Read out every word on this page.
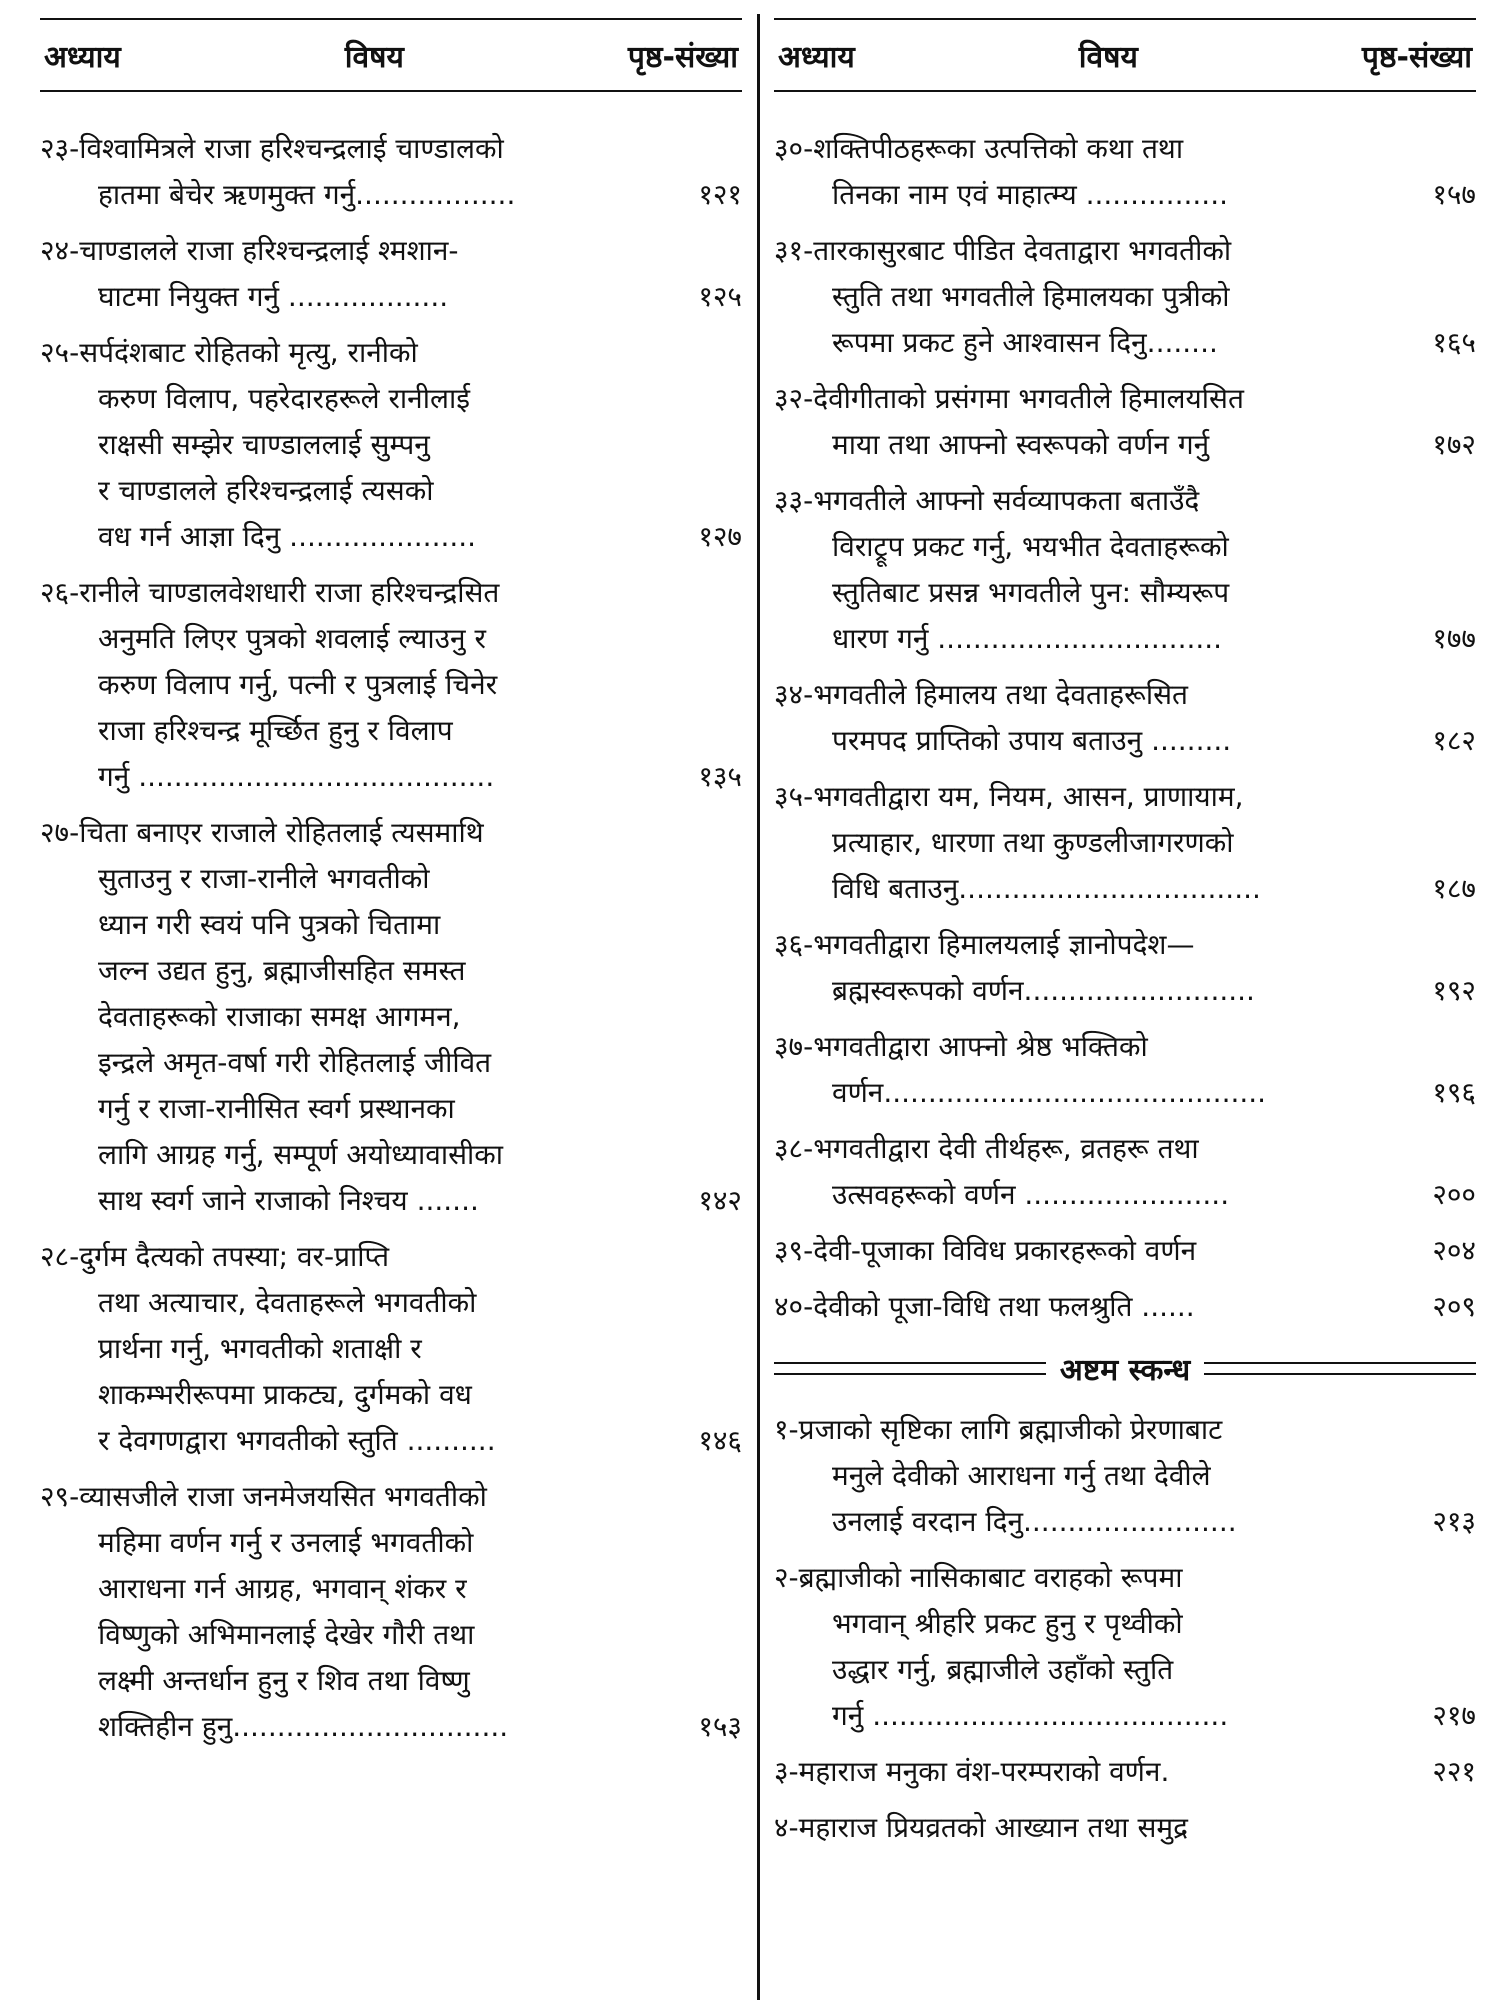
अध्याय	विषय	पृष्ठ-संख्या
२३-विश्वामित्रले राजा हरिश्चन्द्रलाई चाण्डालको
हातमा बेचेर ऋणमुक्त गर्नु..................	१२१
२४-चाण्डालले राजा हरिश्चन्द्रलाई श्मशान-
घाटमा नियुक्त गर्नु ..................	१२५
२५-सर्पदंशबाट रोहितको मृत्यु, रानीको
करुण विलाप, पहरेदारहरूले रानीलाई
राक्षसी सम्झेर चाण्डाललाई सुम्पनु
र चाण्डालले हरिश्चन्द्रलाई त्यसको
वध गर्न आज्ञा दिनु .....................	१२७
२६-रानीले चाण्डालवेशधारी राजा हरिश्चन्द्रसित
अनुमति लिएर पुत्रको शवलाई ल्याउनु र
करुण विलाप गर्नु, पत्नी र पुत्रलाई चिनेर
राजा हरिश्चन्द्र मूर्च्छित हुनु र विलाप
गर्नु ........................................	१३५
२७-चिता बनाएर राजाले रोहितलाई त्यसमाथि
सुताउनु र राजा-रानीले भगवतीको
ध्यान गरी स्वयं पनि पुत्रको चितामा
जल्न उद्यत हुनु, ब्रह्माजीसहित समस्त
देवताहरूको राजाका समक्ष आगमन,
इन्द्रले अमृत-वर्षा गरी रोहितलाई जीवित
गर्नु र राजा-रानीसित स्वर्ग प्रस्थानका
लागि आग्रह गर्नु, सम्पूर्ण अयोध्यावासीका
साथ स्वर्ग जाने राजाको निश्चय .......	१४२
२८-दुर्गम दैत्यको तपस्या; वर-प्राप्ति
तथा अत्याचार, देवताहरूले भगवतीको
प्रार्थना गर्नु, भगवतीको शताक्षी र
शाकम्भरीरूपमा प्राकट्य, दुर्गमको वध
र देवगणद्वारा भगवतीको स्तुति ..........	१४६
२९-व्यासजीले राजा जनमेजयसित भगवतीको
महिमा वर्णन गर्नु र उनलाई भगवतीको
आराधना गर्न आग्रह, भगवान् शंकर र
विष्णुको अभिमानलाई देखेर गौरी तथा
लक्ष्मी अन्तर्धान हुनु र शिव तथा विष्णु
शक्तिहीन हुनु...............................	१५३
अध्याय	विषय	पृष्ठ-संख्या
३०-शक्तिपीठहरूका उत्पत्तिको कथा तथा
तिनका नाम एवं माहात्म्य ................	१५७
३१-तारकासुरबाट पीडित देवताद्वारा भगवतीको
स्तुति तथा भगवतीले हिमालयका पुत्रीको
रूपमा प्रकट हुने आश्वासन दिनु........	१६५
३२-देवीगीताको प्रसंगमा भगवतीले हिमालयसित
माया तथा आफ्नो स्वरूपको वर्णन गर्नु	१७२
३३-भगवतीले आफ्नो सर्वव्यापकता बताउँदै
विराट्रूप प्रकट गर्नु, भयभीत देवताहरूको
स्तुतिबाट प्रसन्न भगवतीले पुन: सौम्यरूप
धारण गर्नु ................................	१७७
३४-भगवतीले हिमालय तथा देवताहरूसित
परमपद प्राप्तिको उपाय बताउनु .........	१८२
३५-भगवतीद्वारा यम, नियम, आसन, प्राणायाम,
प्रत्याहार, धारणा तथा कुण्डलीजागरणको
विधि बताउनु..................................	१८७
३६-भगवतीद्वारा हिमालयलाई ज्ञानोपदेश—
ब्रह्मस्वरूपको वर्णन..........................	१९२
३७-भगवतीद्वारा आफ्नो श्रेष्ठ भक्तिको
वर्णन...........................................	१९६
३८-भगवतीद्वारा देवी तीर्थहरू, व्रतहरू तथा
उत्सवहरूको वर्णन .......................	२००
३९-देवी-पूजाका विविध प्रकारहरूको वर्णन	२०४
४०-देवीको पूजा-विधि तथा फलश्रुति ......	२०९
अष्टम स्कन्ध
१-प्रजाको सृष्टिका लागि ब्रह्माजीको प्रेरणाबाट
मनुले देवीको आराधना गर्नु तथा देवीले
उनलाई वरदान दिनु........................	२१३
२-ब्रह्माजीको नासिकाबाट वराहको रूपमा
भगवान् श्रीहरि प्रकट हुनु र पृथ्वीको
उद्धार गर्नु, ब्रह्माजीले उहाँको स्तुति
गर्नु ........................................	२१७
३-महाराज मनुका वंश-परम्पराको वर्णन.	२२१
४-महाराज प्रियव्रतको आख्यान तथा समुद्र
